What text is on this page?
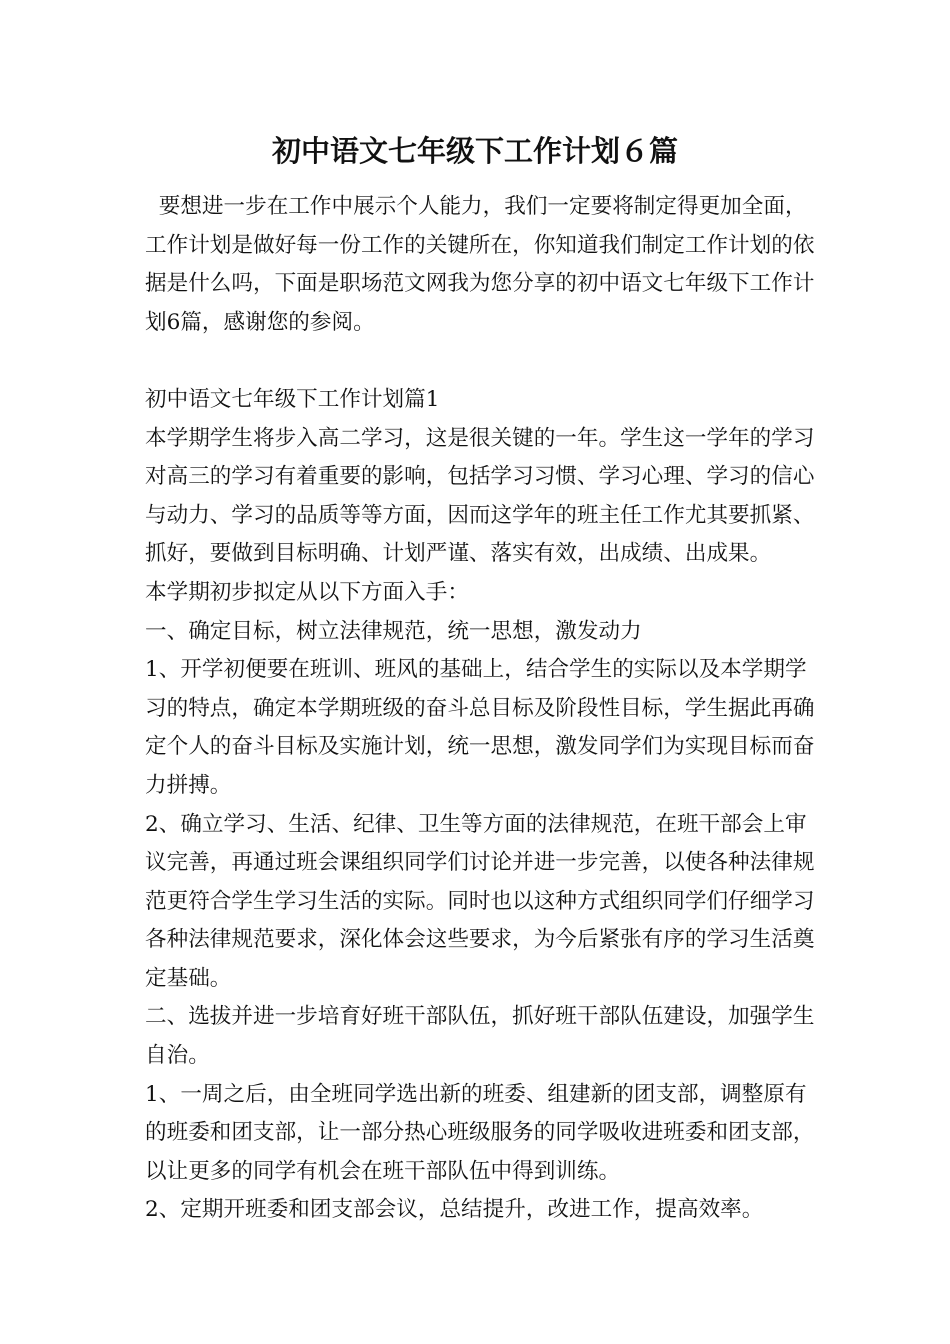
初中语文七年级下工作计划６篇

要想进一步在工作中展示个人能力，我们一定要将制定得更加全面，工作计划是做好每一份工作的关键所在，你知道我们制定工作计划的依据是什么吗，下面是职场范文网我为您分享的初中语文七年级下工作计划6篇，感谢您的参阅。

初中语文七年级下工作计划篇1

本学期学生将步入高二学习，这是很关键的一年。学生这一学年的学习对高三的学习有着重要的影响，包括学习习惯、学习心理、学习的信心与动力、学习的品质等等方面，因而这学年的班主任工作尤其要抓紧、抓好，要做到目标明确、计划严谨、落实有效，出成绩、出成果。

本学期初步拟定从以下方面入手：

一、确定目标，树立法律规范，统一思想，激发动力

1、开学初便要在班训、班风的基础上，结合学生的实际以及本学期学习的特点，确定本学期班级的奋斗总目标及阶段性目标，学生据此再确定个人的奋斗目标及实施计划，统一思想，激发同学们为实现目标而奋力拼搏。

2、确立学习、生活、纪律、卫生等方面的法律规范，在班干部会上审议完善，再通过班会课组织同学们讨论并进一步完善，以使各种法律规范更符合学生学习生活的实际。同时也以这种方式组织同学们仔细学习各种法律规范要求，深化体会这些要求，为今后紧张有序的学习生活奠定基础。

二、选拔并进一步培育好班干部队伍，抓好班干部队伍建设，加强学生自治。

1、一周之后，由全班同学选出新的班委、组建新的团支部，调整原有的班委和团支部，让一部分热心班级服务的同学吸收进班委和团支部，以让更多的同学有机会在班干部队伍中得到训练。

2、定期开班委和团支部会议，总结提升，改进工作，提高效率。
